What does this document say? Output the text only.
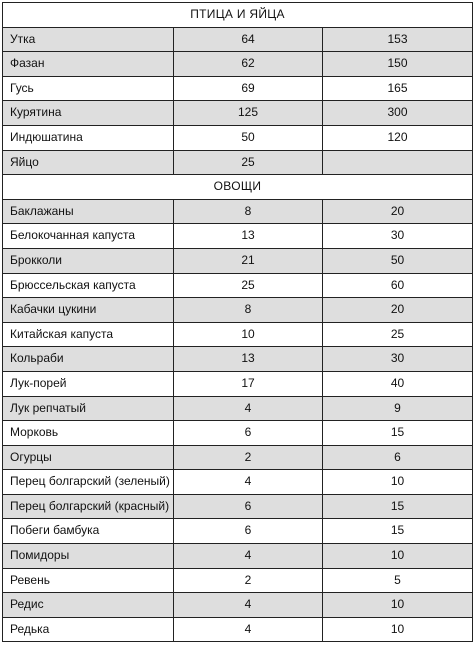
ПТИЦА И ЯЙЦА		
Утка	64	153
Фазан	62	150
Гусь	69	165
Курятина	125	300
Индюшатина	50	120
Яйцо	25	
ОВОЩИ		
Баклажаны	8	20
Белокочанная капуста	13	30
Брокколи	21	50
Брюссельская капуста	25	60
Кабачки цукини	8	20
Китайская капуста	10	25
Кольраби	13	30
Лук-порей	17	40
Лук репчатый	4	9
Морковь	6	15
Огурцы	2	6
Перец болгарский (зеленый)	4	10
Перец болгарский (красный)	6	15
Побеги бамбука	6	15
Помидоры	4	10
Ревень	2	5
Редис	4	10
Редька	4	10
